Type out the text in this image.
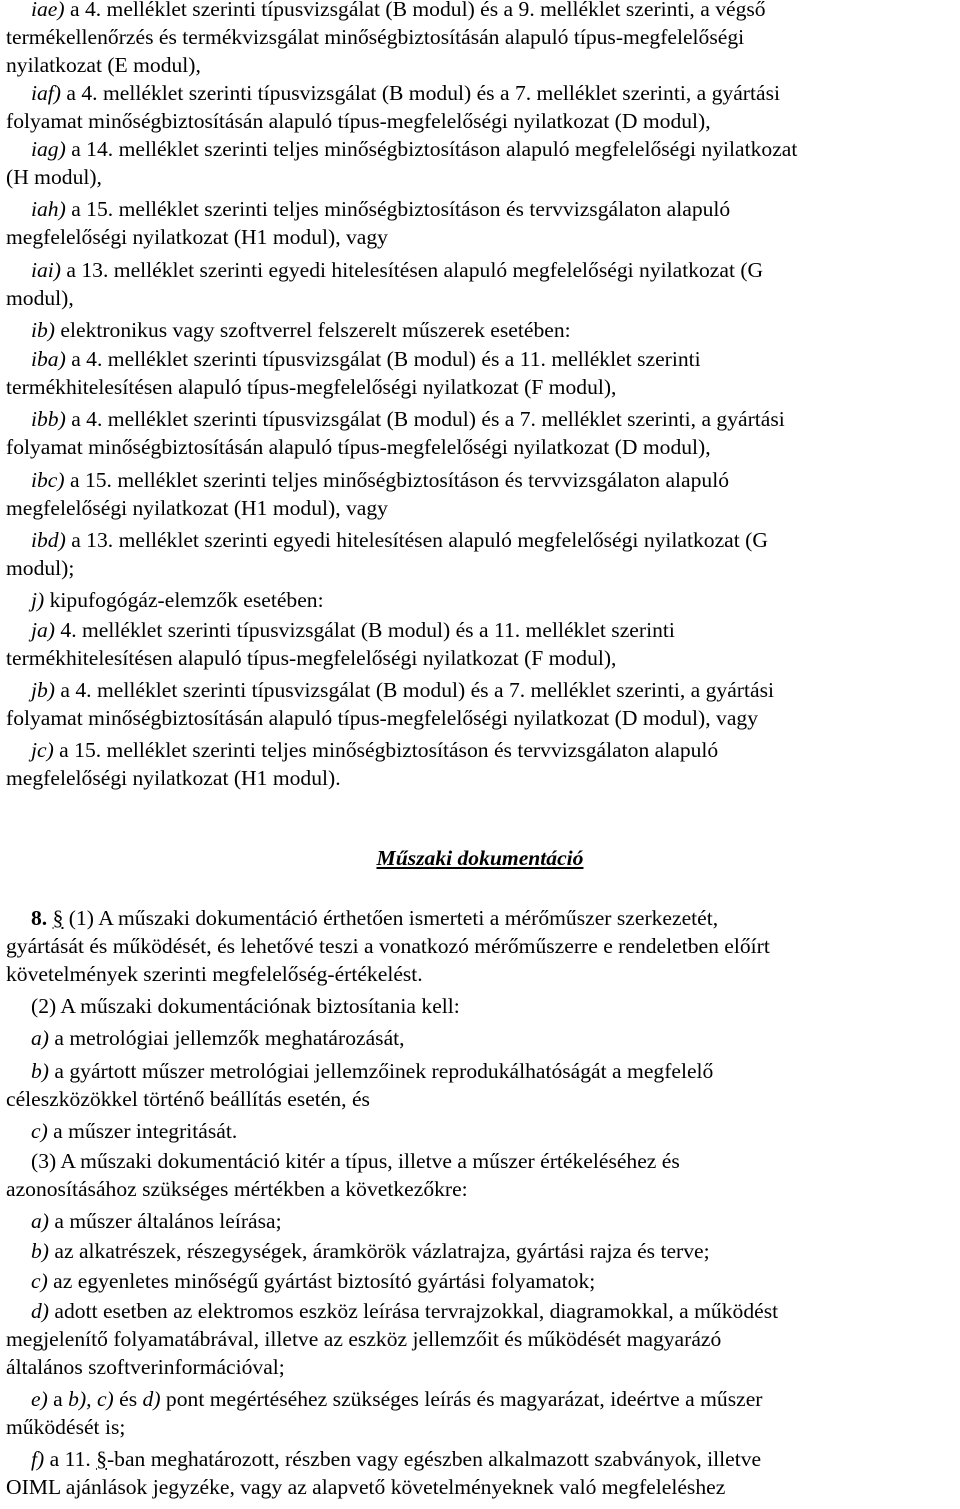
iae) a 4. melléklet szerinti típusvizsgálat (B modul) és a 9. melléklet szerinti, a végső
termékellenőrzés és termékvizsgálat minőségbiztosításán alapuló típus-megfelelőségi
nyilatkozat (E modul),
iaf) a 4. melléklet szerinti típusvizsgálat (B modul) és a 7. melléklet szerinti, a gyártási
folyamat minőségbiztosításán alapuló típus-megfelelőségi nyilatkozat (D modul),
iag) a 14. melléklet szerinti teljes minőségbiztosításon alapuló megfelelőségi nyilatkozat
(H modul),
iah) a 15. melléklet szerinti teljes minőségbiztosításon és tervvizsgálaton alapuló
megfelelőségi nyilatkozat (H1 modul), vagy
iai) a 13. melléklet szerinti egyedi hitelesítésen alapuló megfelelőségi nyilatkozat (G
modul),
ib) elektronikus vagy szoftverrel felszerelt műszerek esetében:
iba) a 4. melléklet szerinti típusvizsgálat (B modul) és a 11. melléklet szerinti
termékhitelesítésen alapuló típus-megfelelőségi nyilatkozat (F modul),
ibb) a 4. melléklet szerinti típusvizsgálat (B modul) és a 7. melléklet szerinti, a gyártási
folyamat minőségbiztosításán alapuló típus-megfelelőségi nyilatkozat (D modul),
ibc) a 15. melléklet szerinti teljes minőségbiztosításon és tervvizsgálaton alapuló
megfelelőségi nyilatkozat (H1 modul), vagy
ibd) a 13. melléklet szerinti egyedi hitelesítésen alapuló megfelelőségi nyilatkozat (G
modul);
j) kipufogógáz-elemzők esetében:
ja) 4. melléklet szerinti típusvizsgálat (B modul) és a 11. melléklet szerinti
termékhitelesítésen alapuló típus-megfelelőségi nyilatkozat (F modul),
jb) a 4. melléklet szerinti típusvizsgálat (B modul) és a 7. melléklet szerinti, a gyártási
folyamat minőségbiztosításán alapuló típus-megfelelőségi nyilatkozat (D modul), vagy
jc) a 15. melléklet szerinti teljes minőségbiztosításon és tervvizsgálaton alapuló
megfelelőségi nyilatkozat (H1 modul).
Műszaki dokumentáció
8. § (1) A műszaki dokumentáció érthetően ismerteti a mérőműszer szerkezetét,
gyártását és működését, és lehetővé teszi a vonatkozó mérőműszerre e rendeletben előírt
követelmények szerinti megfelelőség-értékelést.
(2) A műszaki dokumentációnak biztosítania kell:
a) a metrológiai jellemzők meghatározását,
b) a gyártott műszer metrológiai jellemzőinek reprodukálhatóságát a megfelelő
céleszközökkel történő beállítás esetén, és
c) a műszer integritását.
(3) A műszaki dokumentáció kitér a típus, illetve a műszer értékeléséhez és
azonosításához szükséges mértékben a következőkre:
a) a műszer általános leírása;
b) az alkatrészek, részegységek, áramkörök vázlatrajza, gyártási rajza és terve;
c) az egyenletes minőségű gyártást biztosító gyártási folyamatok;
d) adott esetben az elektromos eszköz leírása tervrajzokkal, diagramokkal, a működést
megjelenítő folyamatábrával, illetve az eszköz jellemzőit és működését magyarázó
általános szoftverinformációval;
e) a b), c) és d) pont megértéséhez szükséges leírás és magyarázat, ideértve a műszer
működését is;
f) a 11. §-ban meghatározott, részben vagy egészben alkalmazott szabványok, illetve
OIML ajánlások jegyzéke, vagy az alapvető követelményeknek való megfeleléshez
